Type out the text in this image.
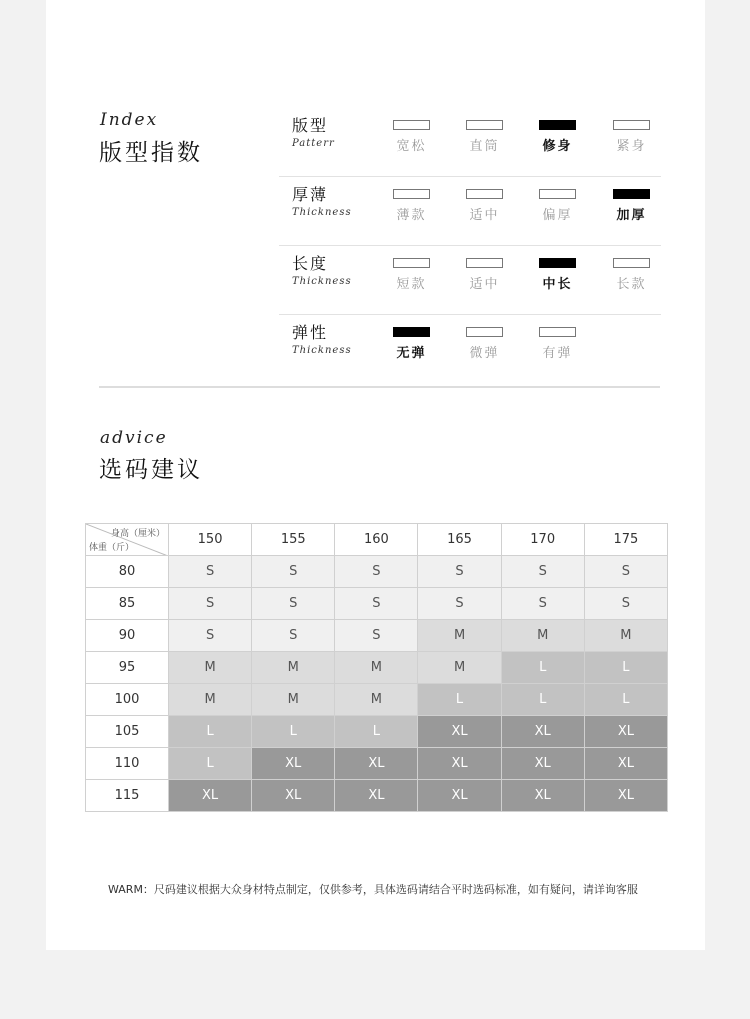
Index
版型指数
版型
Patterr	宽松	直筒	修身	紧身
厚薄
Thickness	薄款	适中	偏厚	加厚
长度
Thickness	短款	适中	中长	长款
弹性
Thickness	无弹	微弹	有弹
advice
选码建议
身高（厘米）
体重（斤）	150	155	160	165	170	175
80	S	S	S	S	S	S
85	S	S	S	S	S	S
90	S	S	S	M	M	M
95	M	M	M	M	L	L
100	M	M	M	L	L	L
105	L	L	L	XL	XL	XL
110	L	XL	XL	XL	XL	XL
115	XL	XL	XL	XL	XL	XL
WARM：尺码建议根据大众身材特点制定，仅供参考，具体选码请结合平时选码标准，如有疑问，请详询客服
